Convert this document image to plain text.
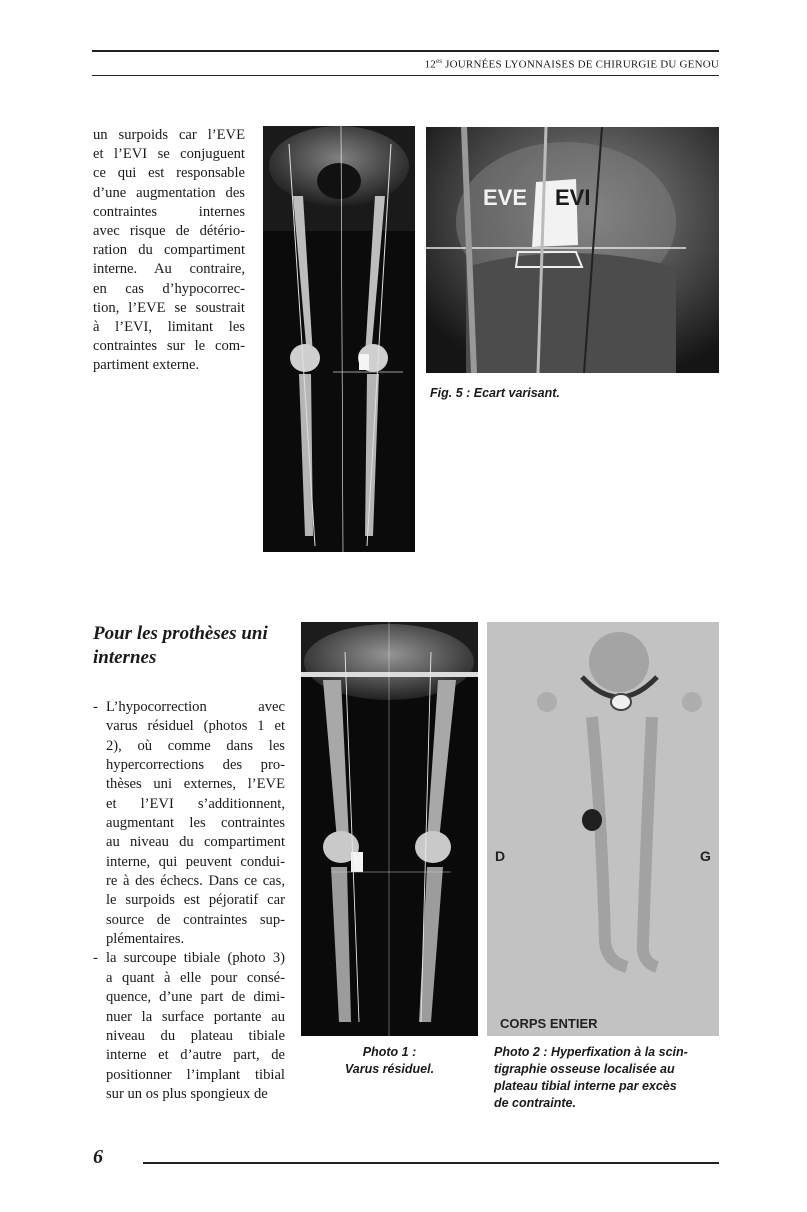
$12^{es}$ JOURNÉES LYONNAISES DE CHIRURGIE DU GENOU
un surpoids car l’EVE
et l’EVI se conjuguent
ce qui est responsable
d’une augmentation des
contraintes internes
avec risque de détério-
ration du compartiment
interne. Au contraire,
en cas d’hypocorrec-
tion, l’EVE se soustrait
à l’EVI, limitant les
contraintes sur le com-
partiment externe.
EVE EVI
Fig. 5 : Ecart varisant.
Pour les prothèses uni
internes
- L’hypocorrection avec
varus résiduel (photos 1 et
2), où comme dans les
hypercorrections des pro-
thèses uni externes, l’EVE
et l’EVI s’additionnent,
augmentant les contraintes
au niveau du compartiment
interne, qui peuvent condui-
re à des échecs. Dans ce cas,
le surpoids est péjoratif car
source de contraintes sup-
plémentaires.
- la surcoupe tibiale (photo 3)
a quant à elle pour consé-
quence, d’une part de dimi-
nuer la surface portante au
niveau du plateau tibiale
interne et d’autre part, de
positionner l’implant tibial
sur un os plus spongieux de
Photo 1 :
Varus résiduel.
D	G
CORPS ENTIER
Photo 2 : Hyperfixation à la scin-
tigraphie osseuse localisée au
plateau tibial interne par excès
de contrainte.
6
